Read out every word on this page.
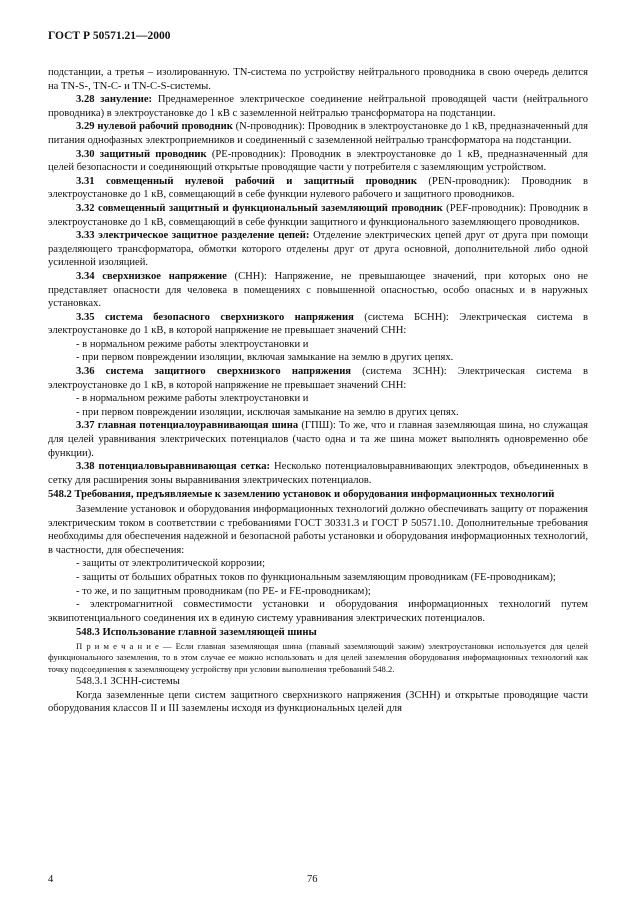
ГОСТ Р 50571.21—2000

подстанции, а третья – изолированную. TN-система по устройству нейтрального проводника в свою очередь делится на TN-S-, TN-C- и TN-C-S-системы.

3.28 зануление: Преднамеренное электрическое соединение нейтральной проводящей части (нейтрального проводника) в электроустановке до 1 кВ с заземленной нейтралью трансформатора на подстанции.

3.29 нулевой рабочий проводник (N-проводник): Проводник в электроустановке до 1 кВ, предназначенный для питания однофазных электроприемников и соединенный с заземленной нейтралью трансформатора на подстанции.

3.30 защитный проводник (PE-проводник): Проводник в электроустановке до 1 кВ, предназначенный для целей безопасности и соединяющий открытые проводящие части у потребителя с заземляющим устройством.

3.31 совмещенный нулевой рабочий и защитный проводник (PEN-проводник): Проводник в электроустановке до 1 кВ, совмещающий в себе функции нулевого рабочего и защитного проводников.

3.32 совмещенный защитный и функциональный заземляющий проводник (PEF-проводник): Проводник в электроустановке до 1 кВ, совмещающий в себе функции защитного и функционального заземляющего проводников.

3.33 электрическое защитное разделение цепей: Отделение электрических цепей друг от друга при помощи разделяющего трансформатора, обмотки которого отделены друг от друга основной, дополнительной либо одной усиленной изоляцией.

3.34 сверхнизкое напряжение (СНН): Напряжение, не превышающее значений, при которых оно не представляет опасности для человека в помещениях с повышенной опасностью, особо опасных и в наружных установках.

3.35 система безопасного сверхнизкого напряжения (система БСНН): Электрическая система в электроустановке до 1 кВ, в которой напряжение не превышает значений СНН:

- в нормальном режиме работы электроустановки и

- при первом повреждении изоляции, включая замыкание на землю в других цепях.

3.36 система защитного сверхнизкого напряжения (система ЗСНН): Электрическая система в электроустановке до 1 кВ, в которой напряжение не превышает значений СНН:

- в нормальном режиме работы электроустановки и

- при первом повреждении изоляции, исключая замыкание на землю в других цепях.

3.37 главная потенциалоуравнивающая шина (ГПШ): То же, что и главная заземляющая шина, но служащая для целей уравнивания электрических потенциалов (часто одна и та же шина может выполнять одновременно обе функции).

3.38 потенциаловыравнивающая сетка: Несколько потенциаловыравнивающих электродов, объединенных в сетку для расширения зоны выравнивания электрических потенциалов.

548.2 Требования, предъявляемые к заземлению установок и оборудования информационных технологий

Заземление установок и оборудования информационных технологий должно обеспечивать защиту от поражения электрическим током в соответствии с требованиями ГОСТ 30331.3 и ГОСТ Р 50571.10. Дополнительные требования необходимы для обеспечения надежной и безопасной работы установки и оборудования информационных технологий, в частности, для обеспечения:

- защиты от электролитической коррозии;

- защиты от больших обратных токов по функциональным заземляющим проводникам (FE-проводникам);

- то же, и по защитным проводникам (по PE- и FE-проводникам);

- электромагнитной совместимости установки и оборудования информационных технологий путем эквипотенциального соединения их в единую систему уравнивания электрических потенциалов.

548.3 Использование главной заземляющей шины

П р и м е ч а н и е — Если главная заземляющая шина (главный заземляющий зажим) электроустановки используется для целей функционального заземления, то в этом случае ее можно использовать и для целей заземления оборудования информационных технологий как точку подсоединения к заземляющему устройству при условии выполнения требований 548.2.

548.3.1 ЗСНН-системы

Когда заземленные цепи систем защитного сверхнизкого напряжения (ЗСНН) и открытые проводящие части оборудования классов II и III заземлены исходя из функциональных целей для

4	76
